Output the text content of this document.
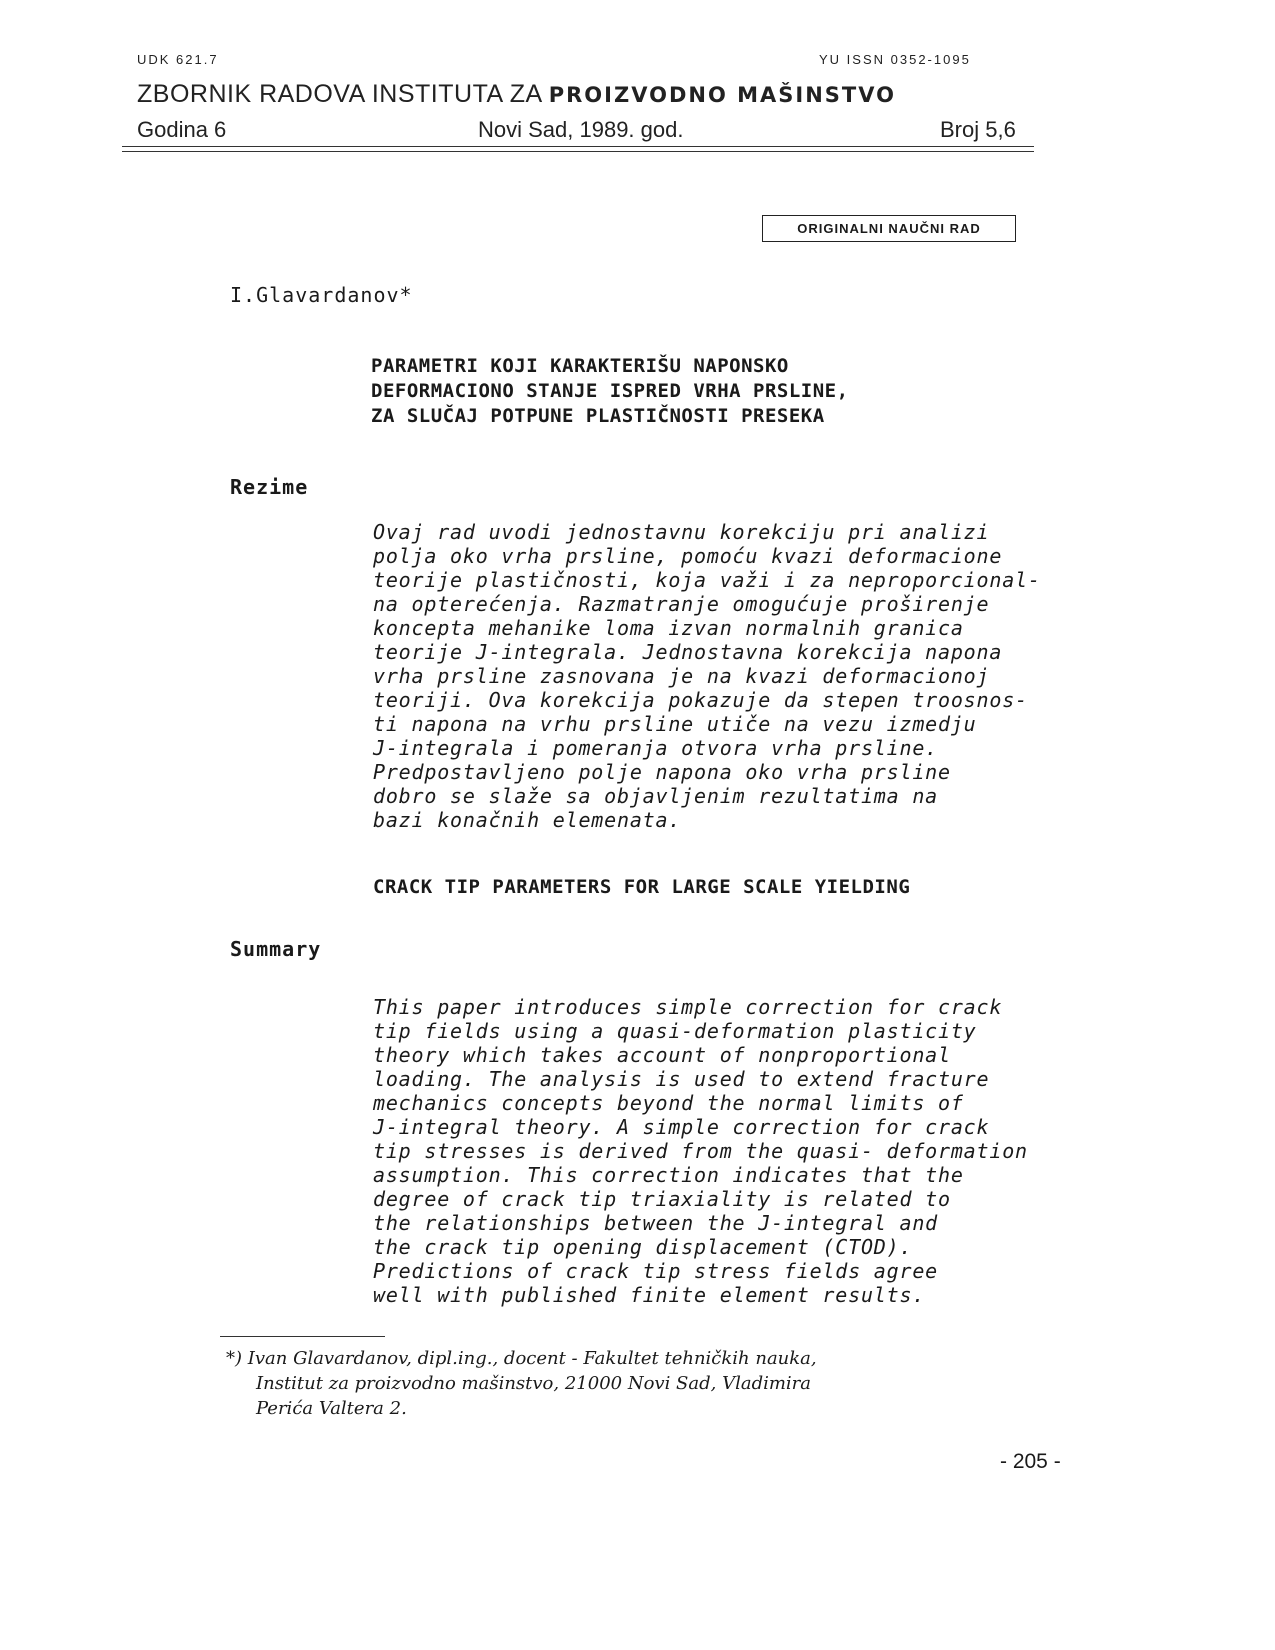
UDK 621.7	YU ISSN 0352-1095
ZBORNIK RADOVA INSTITUTA ZA PROIZVODNO MAŠINSTVO
Godina 6	Novi Sad, 1989. god.	Broj 5,6
ORIGINALNI NAUČNI RAD
I.Glavardanov*
PARAMETRI KOJI KARAKTERIŠU NAPONSKO
DEFORMACIONO STANJE ISPRED VRHA PRSLINE,
ZA SLUČAJ POTPUNE PLASTIČNOSTI PRESEKA
Rezime
Ovaj rad uvodi jednostavnu korekciju pri analizi
polja oko vrha prsline, pomoću kvazi deformacione
teorije plastičnosti, koja važi i za neproporcional-
na opterećenja. Razmatranje omogućuje proširenje
koncepta mehanike loma izvan normalnih granica
teorije J-integrala. Jednostavna korekcija napona
vrha prsline zasnovana je na kvazi deformacionoj
teoriji. Ova korekcija pokazuje da stepen troosnos-
ti napona na vrhu prsline utiče na vezu izmedju
J-integrala i pomeranja otvora vrha prsline.
Predpostavljeno polje napona oko vrha prsline
dobro se slaže sa objavljenim rezultatima na
bazi konačnih elemenata.
CRACK TIP PARAMETERS FOR LARGE SCALE YIELDING
Summary
This paper introduces simple correction for crack
tip fields using a quasi-deformation plasticity
theory which takes account of nonproportional
loading. The analysis is used to extend fracture
mechanics concepts beyond the normal limits of
J-integral theory. A simple correction for crack
tip stresses is derived from the quasi- deformation
assumption. This correction indicates that the
degree of crack tip triaxiality is related to
the relationships between the J-integral and
the crack tip opening displacement (CTOD).
Predictions of crack tip stress fields agree
well with published finite element results.
*) Ivan Glavardanov, dipl.ing., docent - Fakultet tehničkih nauka,
Institut za proizvodno mašinstvo, 21000 Novi Sad, Vladimira
Perića Valtera 2.
- 205 -
